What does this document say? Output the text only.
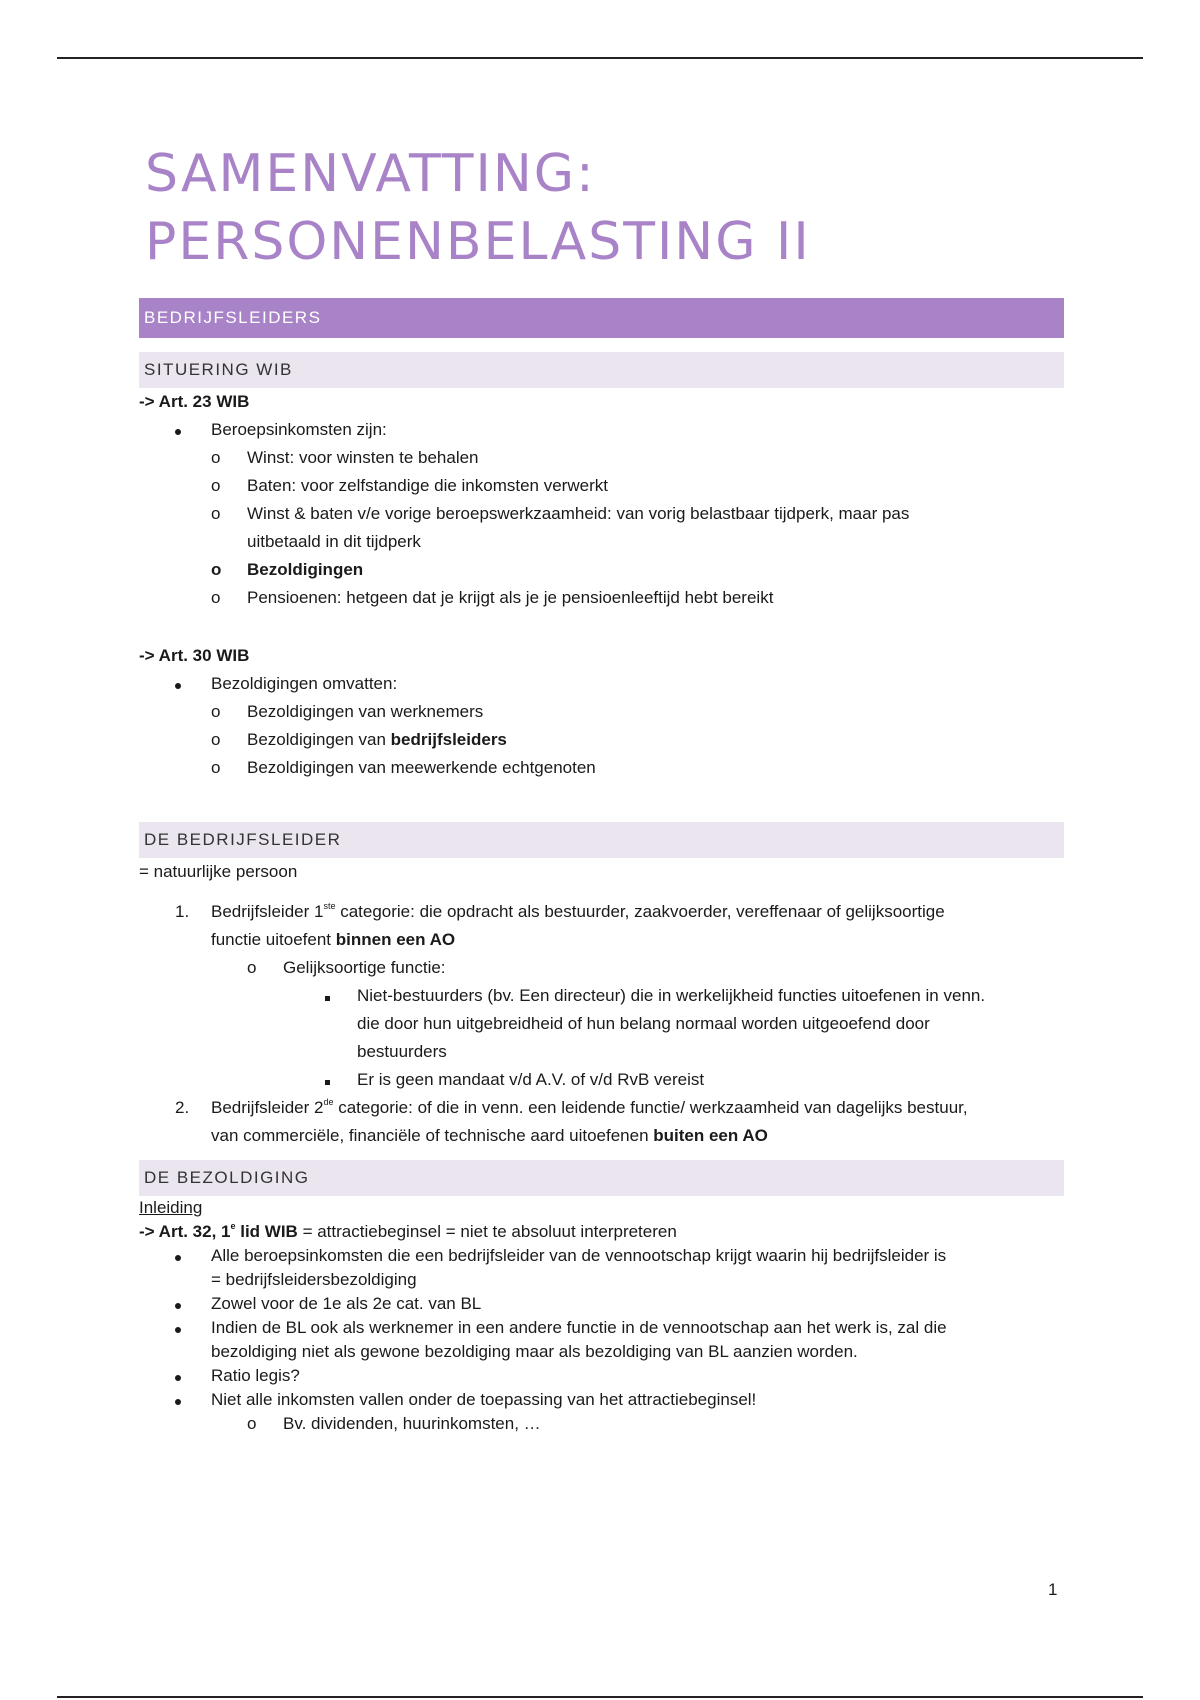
SAMENVATTING:
PERSONENBELASTING II
BEDRIJFSLEIDERS
SITUERING WIB
-> Art. 23 WIB
Beroepsinkomsten zijn:
o Winst: voor winsten te behalen
o Baten: voor zelfstandige die inkomsten verwerkt
o Winst & baten v/e vorige beroepswerkzaamheid: van vorig belastbaar tijdperk, maar pas
uitbetaald in dit tijdperk
o Bezoldigingen
o Pensioenen: hetgeen dat je krijgt als je je pensioenleeftijd hebt bereikt
-> Art. 30 WIB
Bezoldigingen omvatten:
o Bezoldigingen van werknemers
o Bezoldigingen van bedrijfsleiders
o Bezoldigingen van meewerkende echtgenoten
DE BEDRIJFSLEIDER
= natuurlijke persoon
1. Bedrijfsleider 1ste categorie: die opdracht als bestuurder, zaakvoerder, vereffenaar of gelijksoortige
functie uitoefent binnen een AO
o Gelijksoortige functie:
Niet-bestuurders (bv. Een directeur) die in werkelijkheid functies uitoefenen in venn.
die door hun uitgebreidheid of hun belang normaal worden uitgeoefend door
bestuurders
Er is geen mandaat v/d A.V. of v/d RvB vereist
2. Bedrijfsleider 2de categorie: of die in venn. een leidende functie/ werkzaamheid van dagelijks bestuur,
van commerciële, financiële of technische aard uitoefenen buiten een AO
DE BEZOLDIGING
Inleiding
-> Art. 32, 1e lid WIB = attractiebeginsel = niet te absoluut interpreteren
Alle beroepsinkomsten die een bedrijfsleider van de vennootschap krijgt waarin hij bedrijfsleider is
= bedrijfsleidersbezoldiging
Zowel voor de 1e als 2e cat. van BL
Indien de BL ook als werknemer in een andere functie in de vennootschap aan het werk is, zal die
bezoldiging niet als gewone bezoldiging maar als bezoldiging van BL aanzien worden.
Ratio legis?
Niet alle inkomsten vallen onder de toepassing van het attractiebeginsel!
o Bv. dividenden, huurinkomsten, …
1
